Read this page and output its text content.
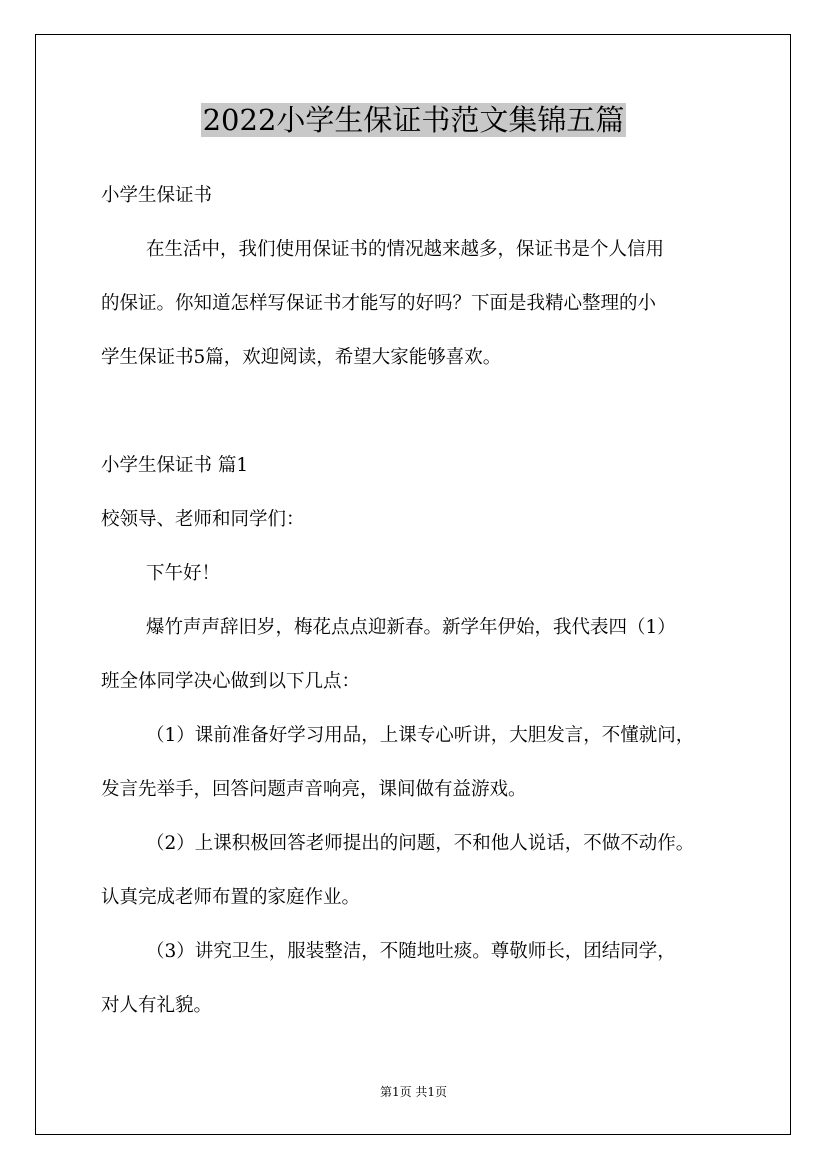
2022小学生保证书范文集锦五篇
小学生保证书
在生活中，我们使用保证书的情况越来越多，保证书是个人信用
的保证。你知道怎样写保证书才能写的好吗？下面是我精心整理的小
学生保证书5篇，欢迎阅读，希望大家能够喜欢。
小学生保证书 篇1
校领导、老师和同学们：
下午好！
爆竹声声辞旧岁，梅花点点迎新春。新学年伊始，我代表四（1）
班全体同学决心做到以下几点：
（1）课前准备好学习用品，上课专心听讲，大胆发言，不懂就问，
发言先举手，回答问题声音响亮，课间做有益游戏。
（2）上课积极回答老师提出的问题，不和他人说话，不做不动作。
认真完成老师布置的家庭作业。
（3）讲究卫生，服装整洁，不随地吐痰。尊敬师长，团结同学，
对人有礼貌。
第1页 共1页
